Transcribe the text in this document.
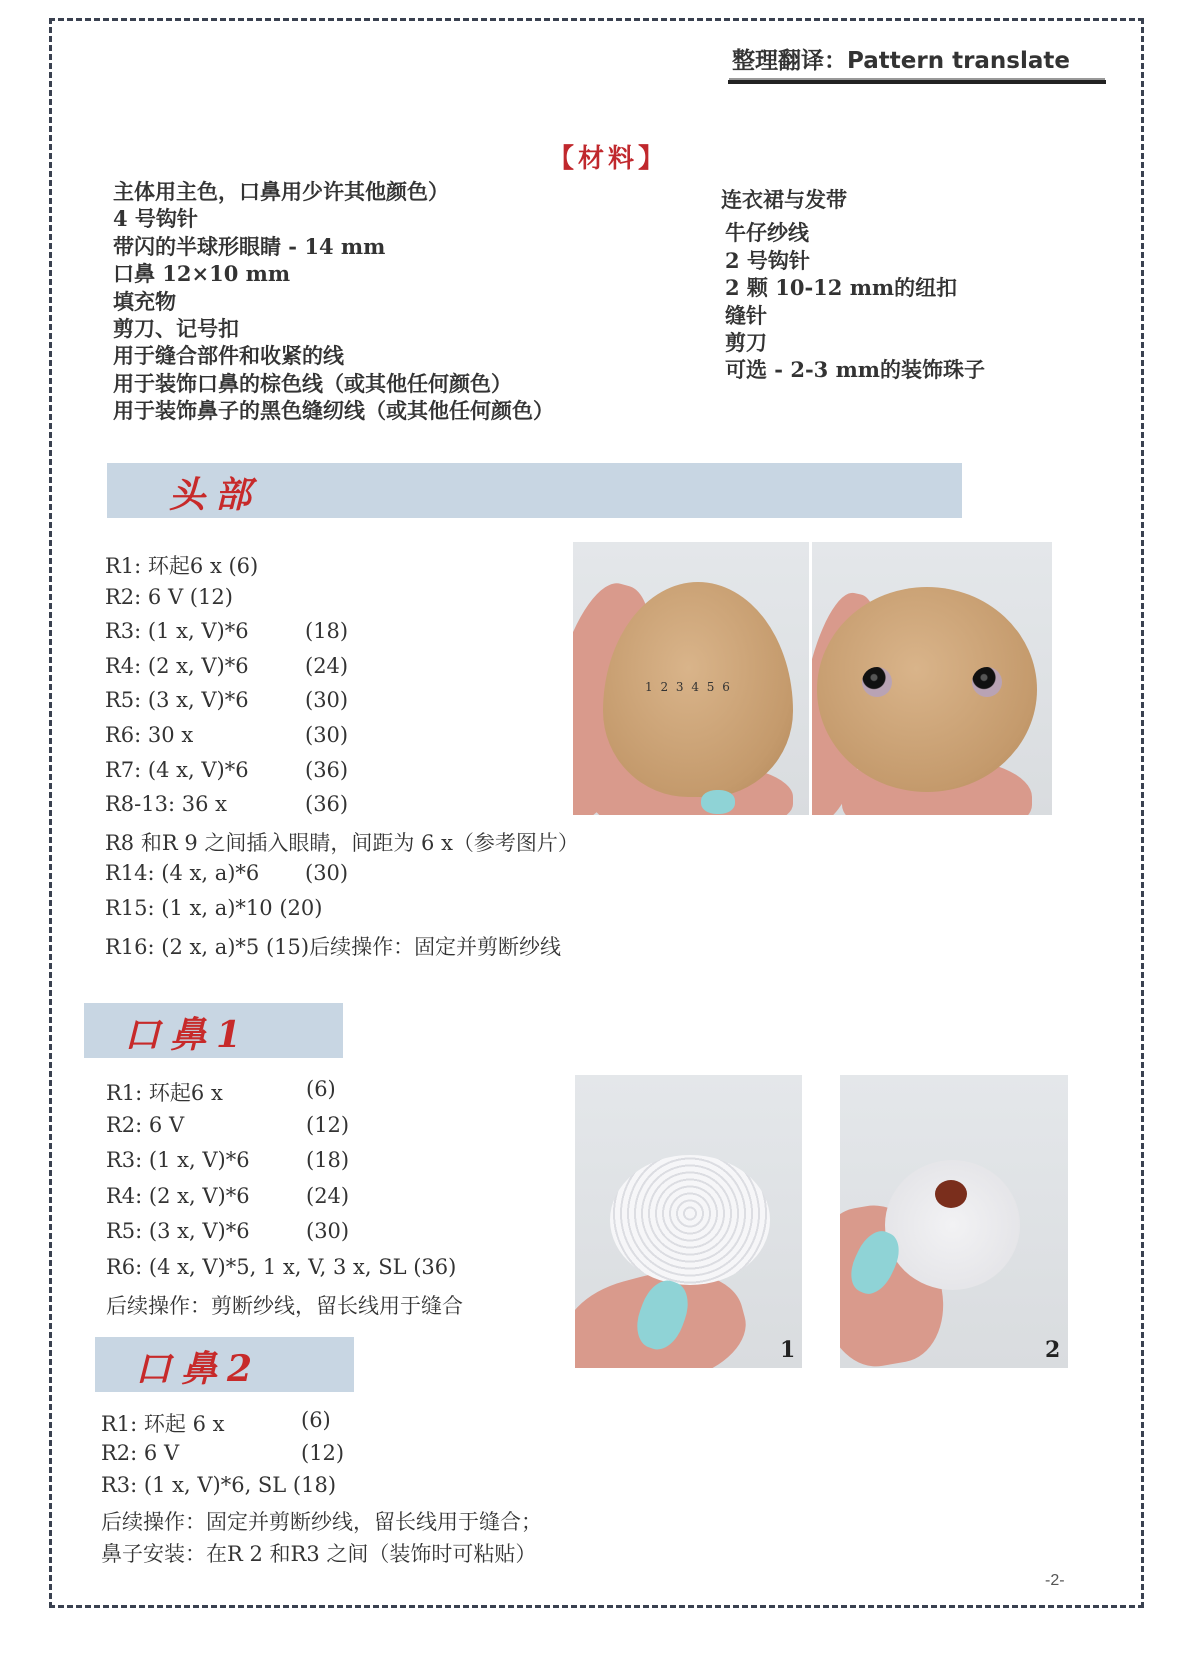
整理翻译：Pattern translate
【材料】
主体用主色，口鼻用少许其他颜色）
4 号钩针
带闪的半球形眼睛 - 14 mm
口鼻 12×10 mm
填充物
剪刀、记号扣
用于缝合部件和收紧的线
用于装饰口鼻的棕色线（或其他任何颜色）
用于装饰鼻子的黑色缝纫线（或其他任何颜色）
连衣裙与发带
牛仔纱线
2 号钩针
2 颗 10-12 mm的纽扣
缝针
剪刀
可选 - 2-3 mm的装饰珠子
头部
R1: 环起6 x (6)
R2: 6 V (12)
R3: (1 x, V)*6	(18)
R4: (2 x, V)*6	(24)
R5: (3 x, V)*6	(30)
R6: 30 x	(30)
R7: (4 x, V)*6	(36)
R8-13: 36 x	(36)
R8 和R 9 之间插入眼睛，间距为 6 x（参考图片）
R14: (4 x, a)*6 (30)
R15: (1 x, a)*10 (20)
R16: (2 x, a)*5 (15)后续操作：固定并剪断纱线
1 2 3 4 5 6
口鼻1
R1: 环起6 x	(6)
R2: 6 V	(12)
R3: (1 x, V)*6	(18)
R4: (2 x, V)*6	(24)
R5: (3 x, V)*6	(30)
R6: (4 x, V)*5, 1 x, V, 3 x, SL (36)
后续操作：剪断纱线，留长线用于缝合
1	2
口鼻2
R1: 环起 6 x	(6)
R2: 6 V	(12)
R3: (1 x, V)*6, SL (18)
后续操作：固定并剪断纱线，留长线用于缝合；
鼻子安装：在R 2 和R3 之间（装饰时可粘贴）
-2-
